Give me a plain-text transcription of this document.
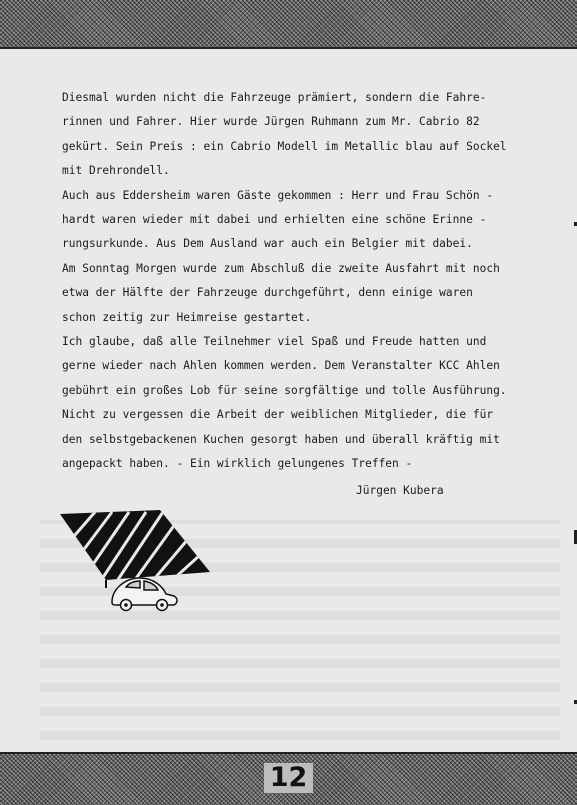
Diesmal wurden nicht die Fahrzeuge prämiert, sondern die Fahre-

rinnen und Fahrer. Hier wurde Jürgen Ruhmann zum Mr. Cabrio 82

gekürt. Sein Preis : ein Cabrio Modell im Metallic blau auf Sockel

mit Drehrondell.

Auch aus Eddersheim waren Gäste gekommen : Herr und Frau Schön -

hardt waren wieder mit dabei und erhielten eine schöne Erinne -

rungsurkunde. Aus Dem Ausland war auch ein Belgier mit dabei.

Am Sonntag Morgen wurde zum Abschluß die zweite Ausfahrt mit noch

etwa der Hälfte der Fahrzeuge durchgeführt, denn einige waren

schon zeitig zur Heimreise gestartet.

Ich glaube, daß alle Teilnehmer viel Spaß und Freude hatten und

gerne wieder nach Ahlen kommen werden. Dem Veranstalter KCC Ahlen

gebührt ein großes Lob für seine sorgfältige und tolle Ausführung.

Nicht zu vergessen die Arbeit der weiblichen Mitglieder, die für

den selbstgebackenen Kuchen gesorgt haben und überall kräftig mit

angepackt haben. - Ein wirklich gelungenes Treffen -

Jürgen Kubera

12
